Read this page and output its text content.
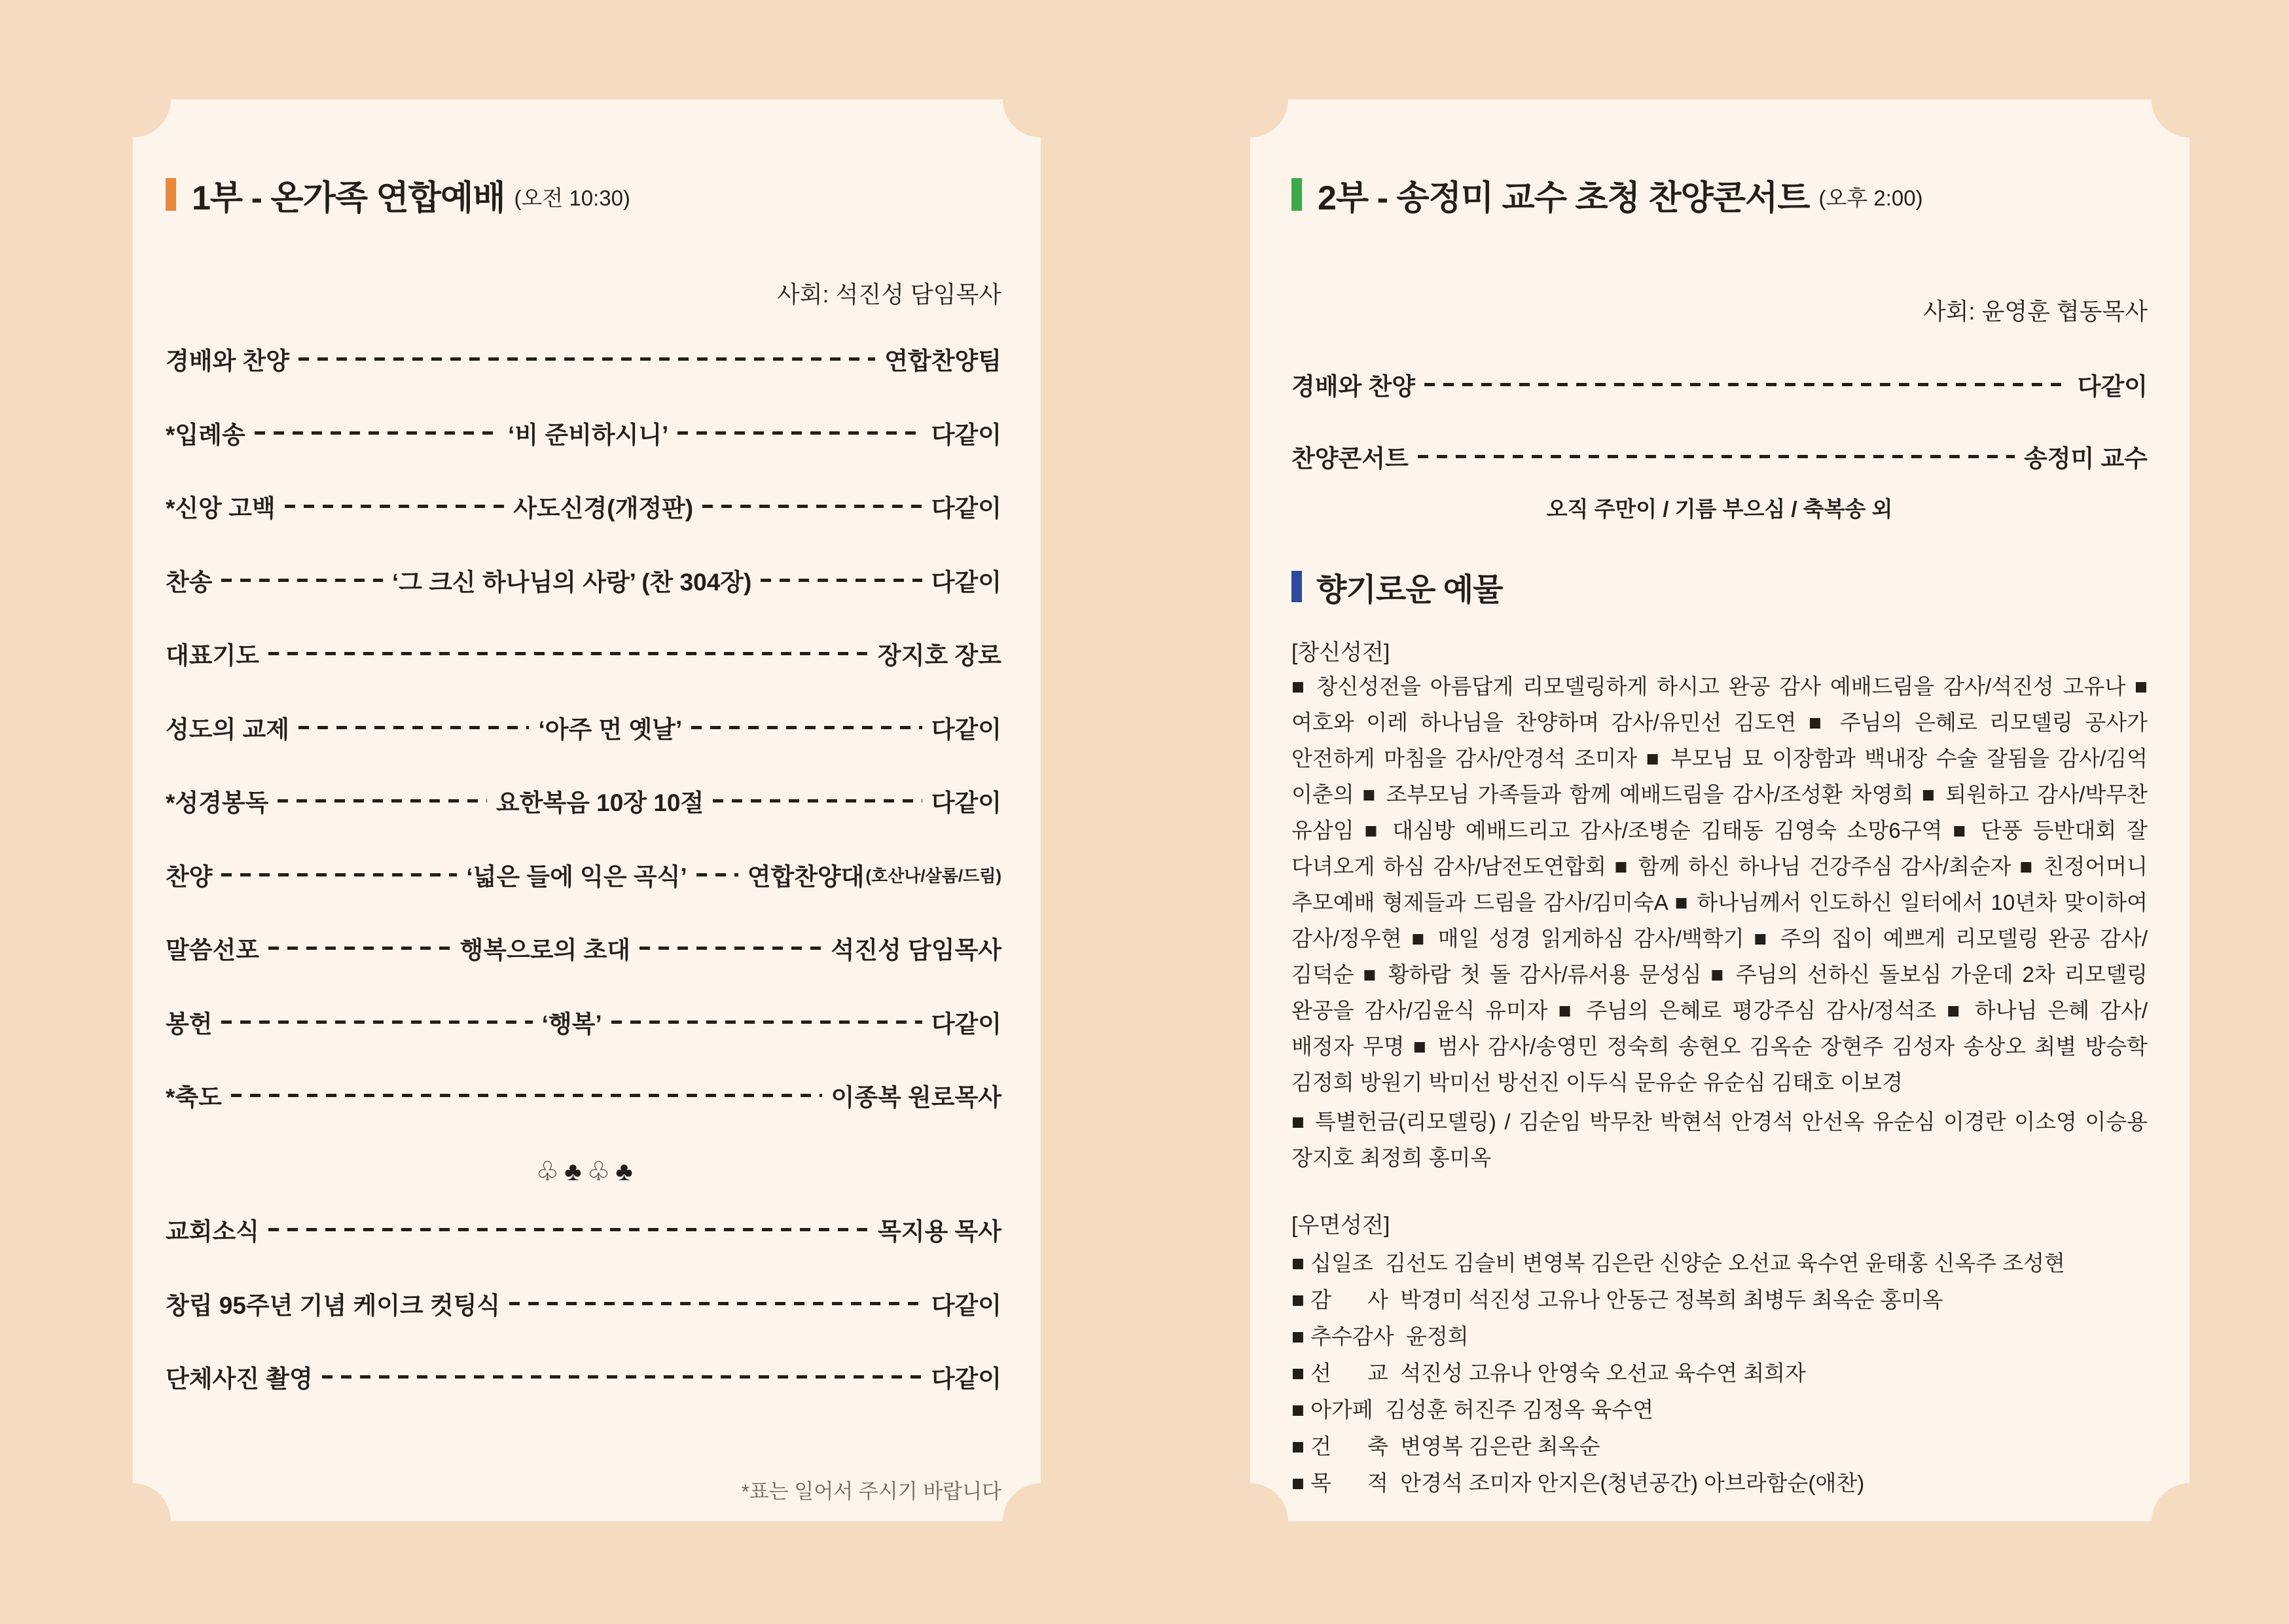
1부 - 온가족 연합예배 (오전 10:30)
사회: 석진성 담임목사
경배와 찬양	연합찬양팀
*입례송	‘비 준비하시니’	다같이
*신앙 고백	사도신경(개정판)	다같이
찬송	‘그 크신 하나님의 사랑’ (찬 304장)	다같이
대표기도	장지호 장로
성도의 교제	‘아주 먼 옛날’	다같이
*성경봉독	요한복음 10장 10절	다같이
찬양	‘넓은 들에 익은 곡식’ 연합찬양대 (호산나/살롬/드림)
말씀선포	행복으로의 초대	석진성 담임목사
봉헌	‘행복’	다같이
*축도	이종복 원로목사
♧♣♧♣
교회소식	목지용 목사
창립 95주년 기념 케이크 컷팅식	다같이
단체사진 촬영	다같이
*표는 일어서 주시기 바랍니다
2부 - 송정미 교수 초청 찬양콘서트 (오후 2:00)
사회: 윤영훈 협동목사
경배와 찬양	다같이
찬양콘서트	송정미 교수
오직 주만이 / 기름 부으심 / 축복송 외
향기로운 예물
[창신성전]
■ 창신성전을 아름답게 리모델링하게 하시고 완공 감사 예배드림을 감사/석진성 고유나 ■ 여호와 이레 하나님을 찬양하며 감사/유민선 김도연 ■ 주님의 은혜로 리모델링 공사가 안전하게 마침을 감사/안경석 조미자 ■ 부모님 묘 이장함과 백내장 수술 잘됨을 감사/김억 이춘의 ■ 조부모님 가족들과 함께 예배드림을 감사/조성환 차영희 ■ 퇴원하고 감사/박무찬 유삼임 ■ 대심방 예배드리고 감사/조병순 김태동 김영숙 소망6구역 ■ 단풍 등반대회 잘 다녀오게 하심 감사/남전도연합회 ■ 함께 하신 하나님 건강주심 감사/최순자 ■ 친정어머니 추모예배 형제들과 드림을 감사/김미숙A ■ 하나님께서 인도하신 일터에서 10년차 맞이하여 감사/정우현 ■ 매일 성경 읽게하심 감사/백학기 ■ 주의 집이 예쁘게 리모델링 완공 감사/김덕순 ■ 황하람 첫 돌 감사/류서용 문성심 ■ 주님의 선하신 돌보심 가운데 2차 리모델링 완공을 감사/김윤식 유미자 ■ 주님의 은혜로 평강주심 감사/정석조 ■ 하나님 은혜 감사/배정자 무명 ■ 범사 감사/송영민 정숙희 송현오 김옥순 장현주 김성자 송상오 최별 방승학 김정희 방원기 박미선 방선진 이두식 문유순 유순심 김태호 이보경
■ 특별헌금(리모델링) / 김순임 박무찬 박현석 안경석 안선옥 유순심 이경란 이소영 이승용 장지호 최정희 홍미옥
[우면성전]
■ 십일조  김선도 김슬비 변영복 김은란 신양순 오선교 육수연 윤태홍 신옥주 조성현
■ 감      사  박경미 석진성 고유나 안동근 정복희 최병두 최옥순 홍미옥
■ 추수감사  윤정희
■ 선      교  석진성 고유나 안영숙 오선교 육수연 최희자
■ 아가페  김성훈 허진주 김정옥 육수연
■ 건      축  변영복 김은란 최옥순
■ 목      적  안경석 조미자 안지은(청년공간) 아브라함순(애찬)
